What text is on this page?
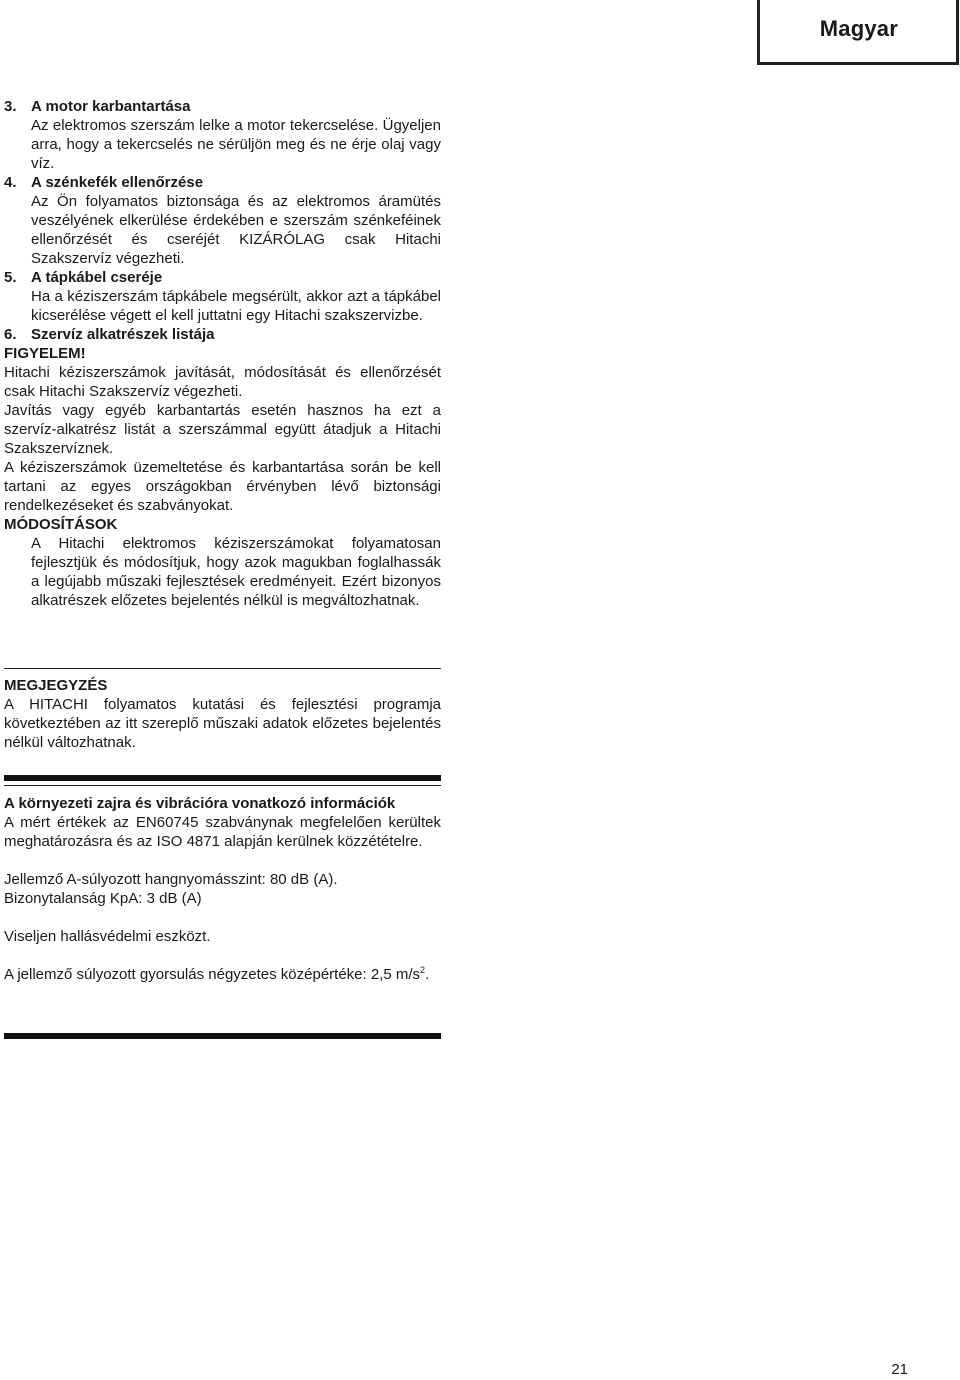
Magyar
3. A motor karbantartása

Az elektromos szerszám lelke a motor tekercselése. Ügyeljen arra, hogy a tekercselés ne sérüljön meg és ne érje olaj vagy víz.

4. A szénkefék ellenőrzése

Az Ön folyamatos biztonsága és az elektromos áramütés veszélyének elkerülése érdekében e szerszám szénkeféinek ellenőrzését és cseréjét KIZÁRÓLAG csak Hitachi Szakszervíz végezheti.

5. A tápkábel cseréje

Ha a kéziszerszám tápkábele megsérült, akkor azt a tápkábel kicserélése végett el kell juttatni egy Hitachi szakszervizbe.

6. Szervíz alkatrészek listája

FIGYELEM!

Hitachi kéziszerszámok javítását, módosítását és ellenőrzését csak Hitachi Szakszervíz végezheti.

Javítás vagy egyéb karbantartás esetén hasznos ha ezt a szervíz-alkatrész listát a szerszámmal együtt átadjuk a Hitachi Szakszervíznek.

A kéziszerszámok üzemeltetése és karbantartása során be kell tartani az egyes országokban érvényben lévő biztonsági rendelkezéseket és szabványokat.

MÓDOSÍTÁSOK

A Hitachi elektromos kéziszerszámokat folyamatosan fejlesztjük és módosítjuk, hogy azok magukban foglalhassák a legújabb műszaki fejlesztések eredményeit. Ezért bizonyos alkatrészek előzetes bejelentés nélkül is megváltozhatnak.

MEGJEGYZÉS

A HITACHI folyamatos kutatási és fejlesztési programja következtében az itt szereplő műszaki adatok előzetes bejelentés nélkül változhatnak.

A környezeti zajra és vibrációra vonatkozó információk

A mért értékek az EN60745 szabványnak megfelelően kerültek meghatározásra és az ISO 4871 alapján kerülnek közzétételre.

Jellemző A-súlyozott hangnyomásszint: 80 dB (A).

Bizonytalanság KpA: 3 dB (A)

Viseljen hallásvédelmi eszközt.

A jellemző súlyozott gyorsulás négyzetes középértéke: 2,5 $m/s^2$.

21
